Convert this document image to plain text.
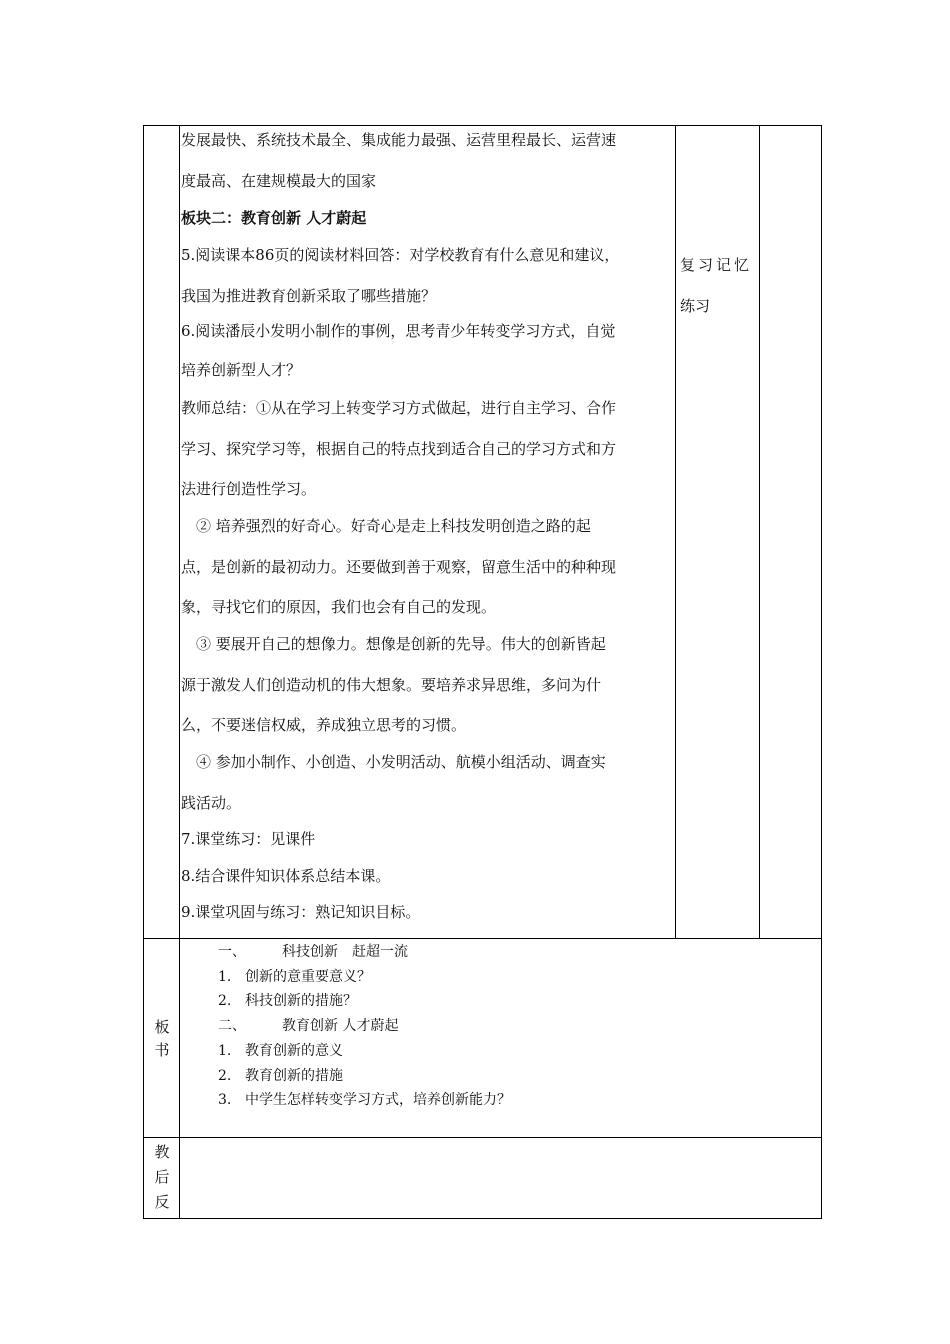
发展最快、系统技术最全、集成能力最强、运营里程最长、运营速
度最高、在建规模最大的国家
板块二：教育创新 人才蔚起
5.阅读课本86页的阅读材料回答：对学校教育有什么意见和建议，
我国为推进教育创新采取了哪些措施？
6.阅读潘辰小发明小制作的事例，思考青少年转变学习方式，自觉
培养创新型人才？
教师总结：①从在学习上转变学习方式做起，进行自主学习、合作
学习、探究学习等，根据自己的特点找到适合自己的学习方式和方
法进行创造性学习。
　② 培养强烈的好奇心。好奇心是走上科技发明创造之路的起
点，是创新的最初动力。还要做到善于观察，留意生活中的种种现
象，寻找它们的原因，我们也会有自己的发现。
　③ 要展开自己的想像力。想像是创新的先导。伟大的创新皆起
源于激发人们创造动机的伟大想象。要培养求异思维，多问为什
么，不要迷信权威，养成独立思考的习惯。
　④ 参加小制作、小创造、小发明活动、航模小组活动、调查实
践活动。
7.课堂练习：见课件
8.结合课件知识体系总结本课。
9.课堂巩固与练习：熟记知识目标。
复习记忆
练习
板
书
一、	科技创新　赶超一流
1. 创新的意重要意义？
2. 科技创新的措施？
二、	教育创新 人才蔚起
1. 教育创新的意义
2. 教育创新的措施
3. 中学生怎样转变学习方式，培养创新能力？
教
后
反
